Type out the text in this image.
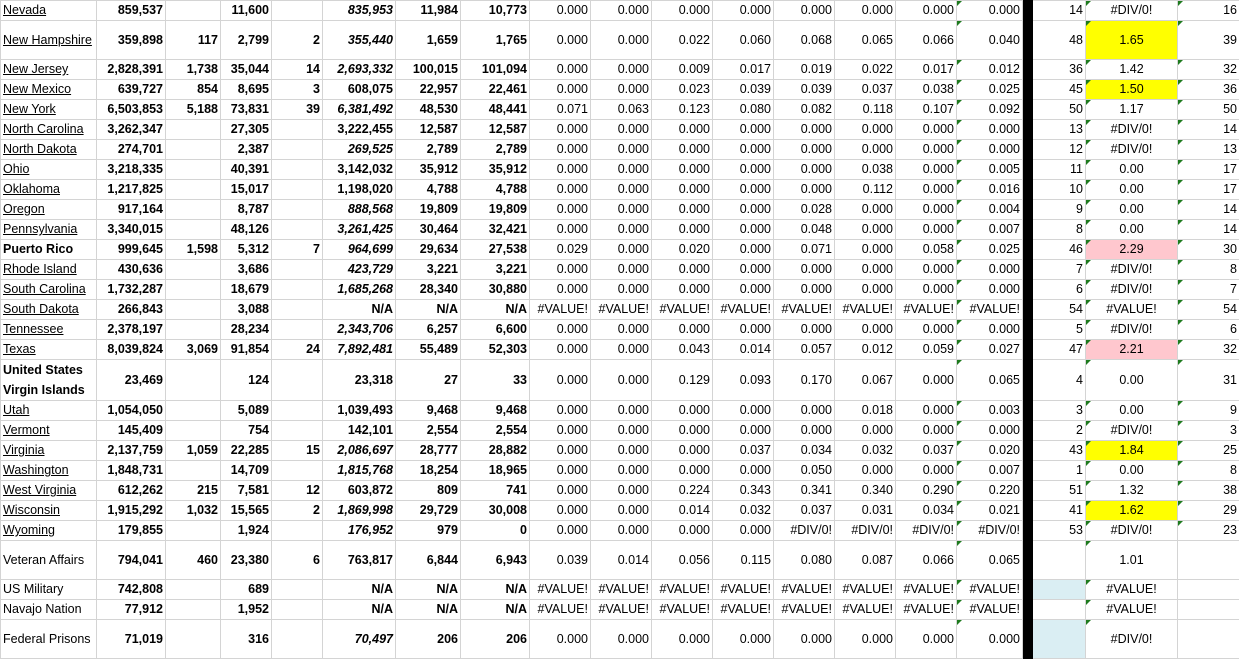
Nevada	859,537		11,600		835,953	11,984	10,773	0.000	0.000	0.000	0.000	0.000	0.000	0.000	0.000		14	#DIV/0!	16
New Hampshire	359,898	117	2,799	2	355,440	1,659	1,765	0.000	0.000	0.022	0.060	0.068	0.065	0.066	0.040		48	1.65	39
New Jersey	2,828,391	1,738	35,044	14	2,693,332	100,015	101,094	0.000	0.000	0.009	0.017	0.019	0.022	0.017	0.012		36	1.42	32
New Mexico	639,727	854	8,695	3	608,075	22,957	22,461	0.000	0.000	0.023	0.039	0.039	0.037	0.038	0.025		45	1.50	36
New York	6,503,853	5,188	73,831	39	6,381,492	48,530	48,441	0.071	0.063	0.123	0.080	0.082	0.118	0.107	0.092		50	1.17	50
North Carolina	3,262,347		27,305		3,222,455	12,587	12,587	0.000	0.000	0.000	0.000	0.000	0.000	0.000	0.000		13	#DIV/0!	14
North Dakota	274,701		2,387		269,525	2,789	2,789	0.000	0.000	0.000	0.000	0.000	0.000	0.000	0.000		12	#DIV/0!	13
Ohio	3,218,335		40,391		3,142,032	35,912	35,912	0.000	0.000	0.000	0.000	0.000	0.038	0.000	0.005		11	0.00	17
Oklahoma	1,217,825		15,017		1,198,020	4,788	4,788	0.000	0.000	0.000	0.000	0.000	0.112	0.000	0.016		10	0.00	17
Oregon	917,164		8,787		888,568	19,809	19,809	0.000	0.000	0.000	0.000	0.028	0.000	0.000	0.004		9	0.00	14
Pennsylvania	3,340,015		48,126		3,261,425	30,464	32,421	0.000	0.000	0.000	0.000	0.048	0.000	0.000	0.007		8	0.00	14
Puerto Rico	999,645	1,598	5,312	7	964,699	29,634	27,538	0.029	0.000	0.020	0.000	0.071	0.000	0.058	0.025		46	2.29	30
Rhode Island	430,636		3,686		423,729	3,221	3,221	0.000	0.000	0.000	0.000	0.000	0.000	0.000	0.000		7	#DIV/0!	8
South Carolina	1,732,287		18,679		1,685,268	28,340	30,880	0.000	0.000	0.000	0.000	0.000	0.000	0.000	0.000		6	#DIV/0!	7
South Dakota	266,843		3,088		N/A	N/A	N/A	#VALUE!	#VALUE!	#VALUE!	#VALUE!	#VALUE!	#VALUE!	#VALUE!	#VALUE!		54	#VALUE!	54
Tennessee	2,378,197		28,234		2,343,706	6,257	6,600	0.000	0.000	0.000	0.000	0.000	0.000	0.000	0.000		5	#DIV/0!	6
Texas	8,039,824	3,069	91,854	24	7,892,481	55,489	52,303	0.000	0.000	0.043	0.014	0.057	0.012	0.059	0.027		47	2.21	32
United States Virgin Islands	23,469		124		23,318	27	33	0.000	0.000	0.129	0.093	0.170	0.067	0.000	0.065		4	0.00	31
Utah	1,054,050		5,089		1,039,493	9,468	9,468	0.000	0.000	0.000	0.000	0.000	0.018	0.000	0.003		3	0.00	9
Vermont	145,409		754		142,101	2,554	2,554	0.000	0.000	0.000	0.000	0.000	0.000	0.000	0.000		2	#DIV/0!	3
Virginia	2,137,759	1,059	22,285	15	2,086,697	28,777	28,882	0.000	0.000	0.000	0.037	0.034	0.032	0.037	0.020		43	1.84	25
Washington	1,848,731		14,709		1,815,768	18,254	18,965	0.000	0.000	0.000	0.000	0.050	0.000	0.000	0.007		1	0.00	8
West Virginia	612,262	215	7,581	12	603,872	809	741	0.000	0.000	0.224	0.343	0.341	0.340	0.290	0.220		51	1.32	38
Wisconsin	1,915,292	1,032	15,565	2	1,869,998	29,729	30,008	0.000	0.000	0.014	0.032	0.037	0.031	0.034	0.021		41	1.62	29
Wyoming	179,855		1,924		176,952	979	0	0.000	0.000	0.000	0.000	#DIV/0!	#DIV/0!	#DIV/0!	#DIV/0!		53	#DIV/0!	23
Veteran Affairs	794,041	460	23,380	6	763,817	6,844	6,943	0.039	0.014	0.056	0.115	0.080	0.087	0.066	0.065			1.01	
US Military	742,808		689		N/A	N/A	N/A	#VALUE!	#VALUE!	#VALUE!	#VALUE!	#VALUE!	#VALUE!	#VALUE!	#VALUE!			#VALUE!	
Navajo Nation	77,912		1,952		N/A	N/A	N/A	#VALUE!	#VALUE!	#VALUE!	#VALUE!	#VALUE!	#VALUE!	#VALUE!	#VALUE!			#VALUE!	
Federal Prisons	71,019		316		70,497	206	206	0.000	0.000	0.000	0.000	0.000	0.000	0.000	0.000			#DIV/0!	
